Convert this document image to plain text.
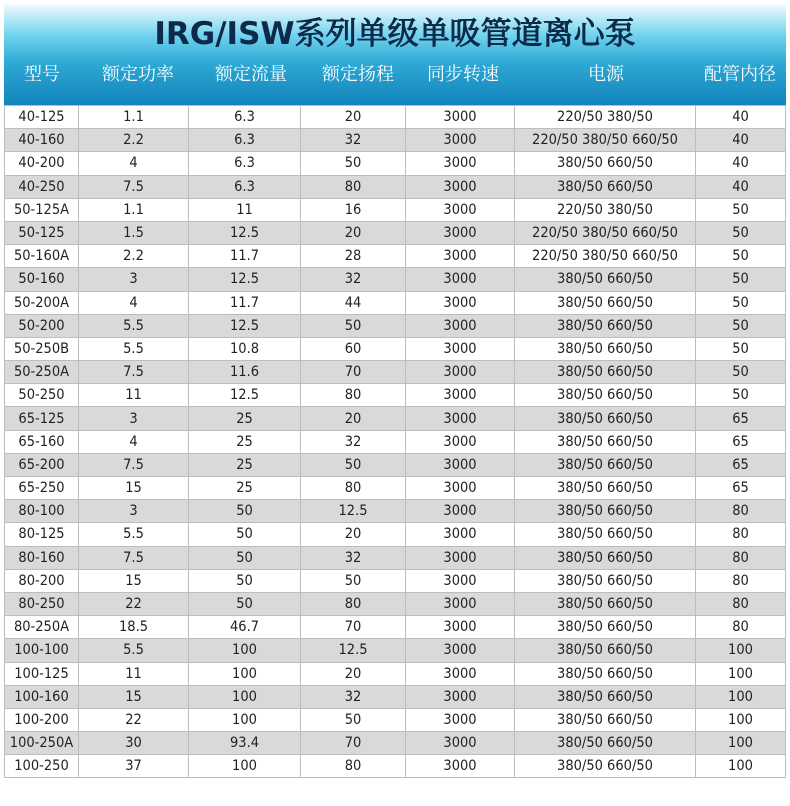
IRG/ISW系列单级单吸管道离心泵
型号	额定功率	额定流量	额定扬程	同步转速	电源	配管内径
40-125	1.1	6.3	20	3000	220/50 380/50	40
40-160	2.2	6.3	32	3000	220/50 380/50 660/50	40
40-200	4	6.3	50	3000	380/50 660/50	40
40-250	7.5	6.3	80	3000	380/50 660/50	40
50-125A	1.1	11	16	3000	220/50 380/50	50
50-125	1.5	12.5	20	3000	220/50 380/50 660/50	50
50-160A	2.2	11.7	28	3000	220/50 380/50 660/50	50
50-160	3	12.5	32	3000	380/50 660/50	50
50-200A	4	11.7	44	3000	380/50 660/50	50
50-200	5.5	12.5	50	3000	380/50 660/50	50
50-250B	5.5	10.8	60	3000	380/50 660/50	50
50-250A	7.5	11.6	70	3000	380/50 660/50	50
50-250	11	12.5	80	3000	380/50 660/50	50
65-125	3	25	20	3000	380/50 660/50	65
65-160	4	25	32	3000	380/50 660/50	65
65-200	7.5	25	50	3000	380/50 660/50	65
65-250	15	25	80	3000	380/50 660/50	65
80-100	3	50	12.5	3000	380/50 660/50	80
80-125	5.5	50	20	3000	380/50 660/50	80
80-160	7.5	50	32	3000	380/50 660/50	80
80-200	15	50	50	3000	380/50 660/50	80
80-250	22	50	80	3000	380/50 660/50	80
80-250A	18.5	46.7	70	3000	380/50 660/50	80
100-100	5.5	100	12.5	3000	380/50 660/50	100
100-125	11	100	20	3000	380/50 660/50	100
100-160	15	100	32	3000	380/50 660/50	100
100-200	22	100	50	3000	380/50 660/50	100
100-250A	30	93.4	70	3000	380/50 660/50	100
100-250	37	100	80	3000	380/50 660/50	100
